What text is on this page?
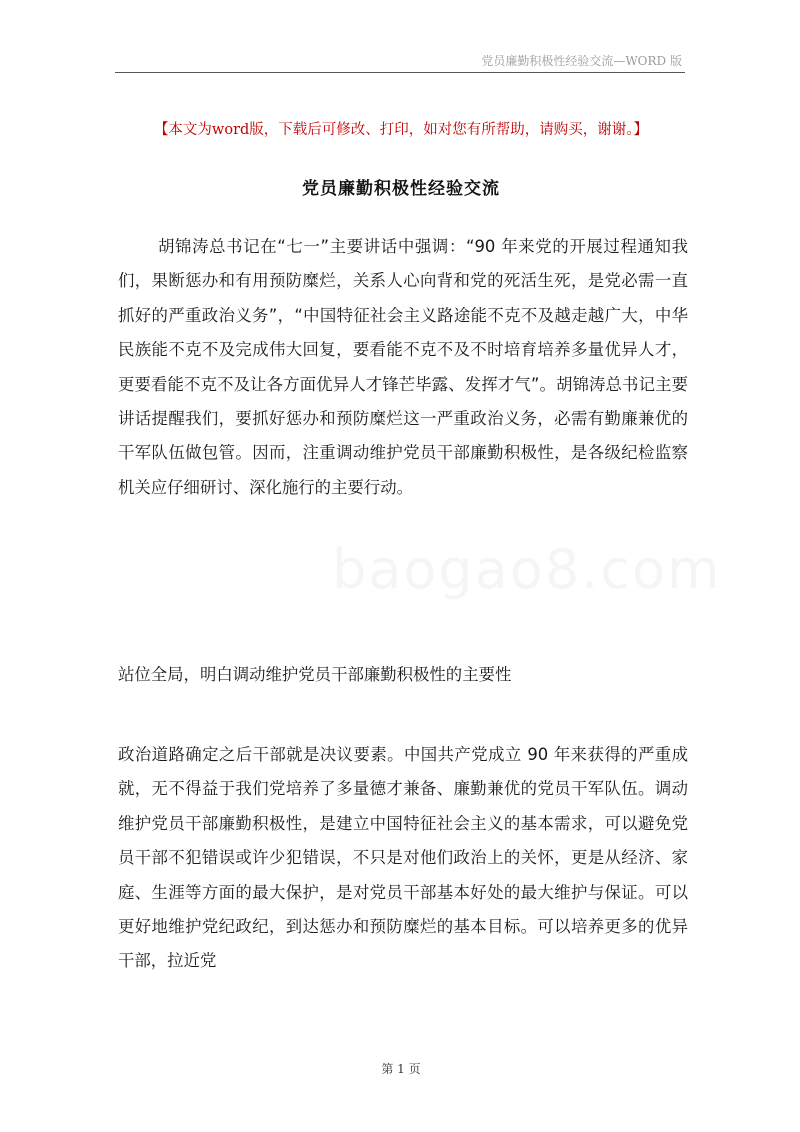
党员廉勤积极性经验交流—WORD 版
【本文为word版，下载后可修改、打印，如对您有所帮助，请购买，谢谢。】
党员廉勤积极性经验交流
胡锦涛总书记在“七一”主要讲话中强调：“90 年来党的开展过程通知我们，果断惩办和有用预防糜烂，关系人心向背和党的死活生死，是党必需一直抓好的严重政治义务”，“中国特征社会主义路途能不克不及越走越广大，中华民族能不克不及完成伟大回复，要看能不克不及不时培育培养多量优异人才，更要看能不克不及让各方面优异人才锋芒毕露、发挥才气”。胡锦涛总书记主要讲话提醒我们，要抓好惩办和预防糜烂这一严重政治义务，必需有勤廉兼优的干军队伍做包管。因而，注重调动维护党员干部廉勤积极性，是各级纪检监察机关应仔细研讨、深化施行的主要行动。
站位全局，明白调动维护党员干部廉勤积极性的主要性
政治道路确定之后干部就是决议要素。中国共产党成立 90 年来获得的严重成就，无不得益于我们党培养了多量德才兼备、廉勤兼优的党员干军队伍。调动维护党员干部廉勤积极性，是建立中国特征社会主义的基本需求，可以避免党员干部不犯错误或许少犯错误，不只是对他们政治上的关怀，更是从经济、家庭、生涯等方面的最大保护，是对党员干部基本好处的最大维护与保证。可以更好地维护党纪政纪，到达惩办和预防糜烂的基本目标。可以培养更多的优异干部，拉近党
第 1 页
